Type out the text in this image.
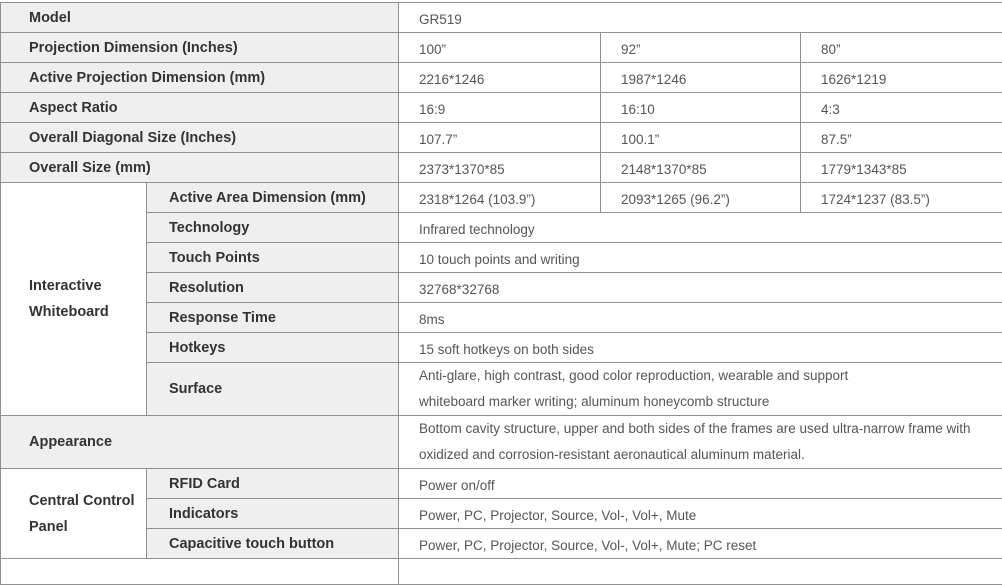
Model		GR519		
Projection Dimension (Inches)		100”	92”	80”
Active Projection Dimension (mm)		2216*1246	1987*1246	1626*1219
Aspect Ratio		16:9	16:10	4:3
Overall Diagonal Size (Inches)		107.7”	100.1”	87.5”
Overall Size (mm)		2373*1370*85	2148*1370*85	1779*1343*85
Interactive Whiteboard	Active Area Dimension (mm)	2318*1264 (103.9”)	2093*1265 (96.2”)	1724*1237 (83.5”)
	Technology	Infrared technology		
	Touch Points	10 touch points and writing		
	Resolution	32768*32768		
	Response Time	8ms		
	Hotkeys	15 soft hotkeys on both sides		
	Surface	Anti-glare, high contrast, good color reproduction, wearable and support whiteboard marker writing; aluminum honeycomb structure		

Appearance		Bottom cavity structure, upper and both sides of the frames are used ultra-narrow frame with oxidized and corrosion-resistant aeronautical aluminum material.		

Central Control Panel	RFID Card	Power on/off		
	Indicators	Power, PC, Projector, Source, Vol-, Vol+, Mute		
	Capacitive touch button	Power, PC, Projector, Source, Vol-, Vol+, Mute; PC reset		
